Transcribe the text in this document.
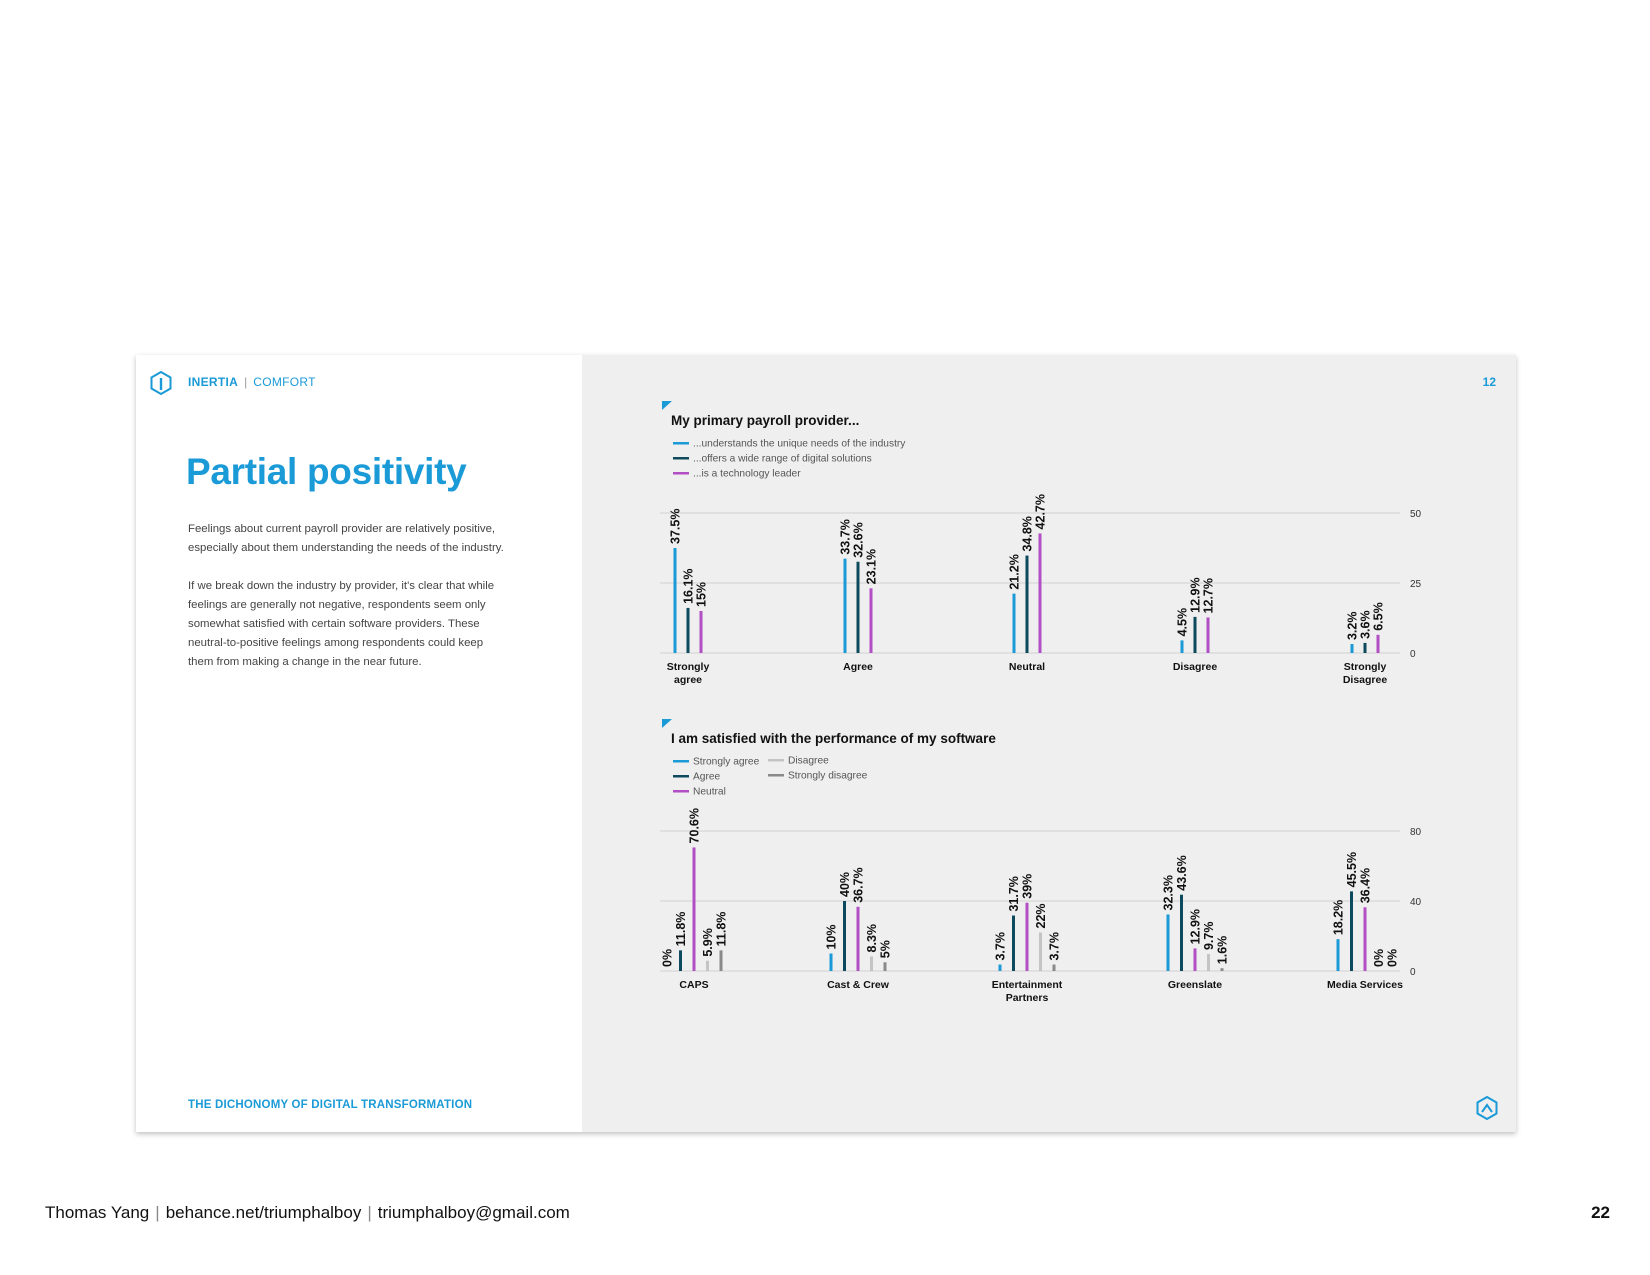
INERTIA | COMFORT
Partial positivity

Feelings about current payroll provider are relatively positive, especially about them understanding the needs of the industry.

If we break down the industry by provider, it's clear that while feelings are generally not negative, respondents seem only somewhat satisfied with certain software providers. These neutral-to-positive feelings among respondents could keep them from making a change in the near future.

THE DICHONOMY OF DIGITAL TRANSFORMATION
12
My primary payroll provider...
...understands the unique needs of the industry
...offers a wide range of digital solutions
...is a technology leader
0
25
50
37.5%
16.1% 15%
Strongly agree
33.7% 32.6%
23.1%
Agree
21.2%
34.8%
42.7%
Neutral
4.5%
12.9% 12.7%
Disagree
3.2% 3.6% 6.5%
Strongly Disagree
I am satisfied with the performance of my software
Strongly agree
Agree
Neutral
Disagree
Strongly disagree
0
40
80
0%
11.8%
70.6%
5.9% 11.8%
CAPS
10%
40% 36.7%
8.3% 5%
Cast & Crew
3.7%
31.7% 39%
22%
3.7%
Entertainment Partners
32.3%
43.6%
12.9% 9.7% 1.6%
Greenslate
18.2%
45.5% 36.4%
0% 0%
Media Services
Thomas Yang | behance.net/triumphalboy | triumphalboy@gmail.com	22
